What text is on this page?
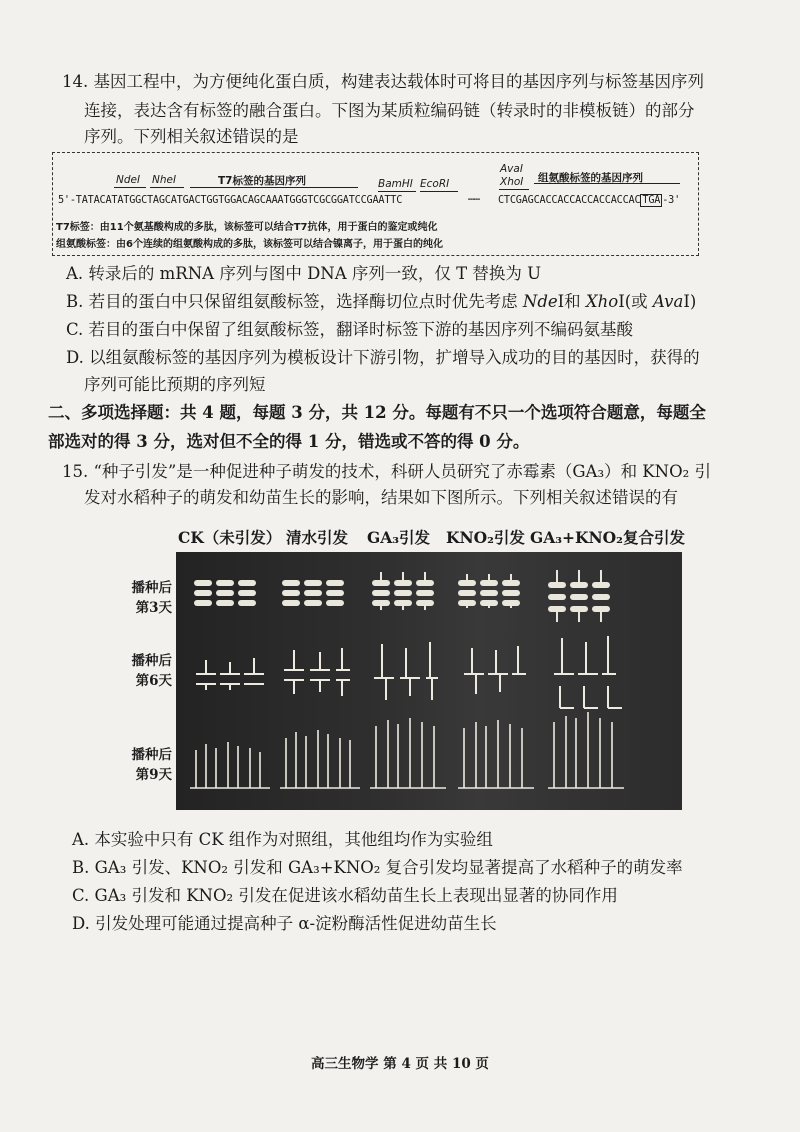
14. 基因工程中，为方便纯化蛋白质，构建表达载体时可将目的基因序列与标签基因序列
连接，表达含有标签的融合蛋白。下图为某质粒编码链（转录时的非模板链）的部分
序列。下列相关叙述错误的是
NdeⅠ NheⅠ	T7标签的基因序列	BamHⅠ EcoRⅠ
AvaⅠ
XhoⅠ 组氨酸标签的基因序列
5'-TATACATATGGCTAGCATGACTGGTGGACAGCAAATGGGTCGCGGATCCGAATTC	…… CTCGAGCACCACCACCACCACCAC TGA -3'
T7标签：由11个氨基酸构成的多肽，该标签可以结合T7抗体，用于蛋白的鉴定或纯化
组氨酸标签：由6个连续的组氨酸构成的多肽，该标签可以结合镍离子，用于蛋白的纯化
A. 转录后的 mRNA 序列与图中 DNA 序列一致，仅 T 替换为 U
B. 若目的蛋白中只保留组氨酸标签，选择酶切位点时优先考虑 NdeⅠ和 XhoⅠ(或 AvaⅠ)
C. 若目的蛋白中保留了组氨酸标签，翻译时标签下游的基因序列不编码氨基酸
D. 以组氨酸标签的基因序列为模板设计下游引物，扩增导入成功的目的基因时，获得的
序列可能比预期的序列短
二、多项选择题：共 4 题，每题 3 分，共 12 分。每题有不只一个选项符合题意，每题全
部选对的得 3 分，选对但不全的得 1 分，错选或不答的得 0 分。
15. “种子引发”是一种促进种子萌发的技术，科研人员研究了赤霉素（GA₃）和 KNO₂ 引
发对水稻种子的萌发和幼苗生长的影响，结果如下图所示。下列相关叙述错误的有
CK（未引发） 清水引发 GA₃引发 KNO₂引发 GA₃+KNO₂复合引发
播种后
第3天
播种后
第6天
播种后
第9天
A. 本实验中只有 CK 组作为对照组，其他组均作为实验组
B. GA₃ 引发、KNO₂ 引发和 GA₃+KNO₂ 复合引发均显著提高了水稻种子的萌发率
C. GA₃ 引发和 KNO₂ 引发在促进该水稻幼苗生长上表现出显著的协同作用
D. 引发处理可能通过提高种子 α-淀粉酶活性促进幼苗生长
高三生物学 第 4 页 共 10 页
